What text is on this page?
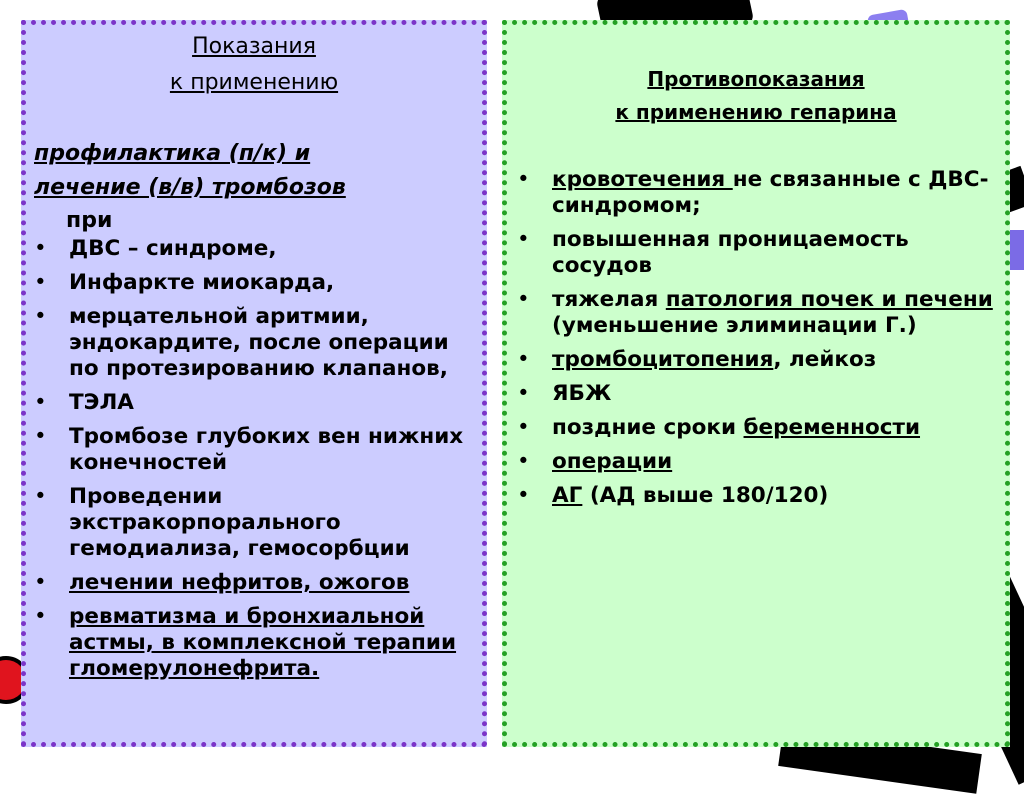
Показания
к применению
профилактика (п/к) и
лечение (в/в) тромбозов
при
• ДВС – синдроме,
• Инфаркте миокарда,
• мерцательной аритмии, эндокардите, после операции по протезированию клапанов,
• ТЭЛА
• Тромбозе глубоких вен нижних конечностей
• Проведении экстракорпорального гемодиализа, гемосорбции
• лечении нефритов, ожогов
• ревматизма и бронхиальной астмы, в комплексной терапии гломерулонефрита.
Противопоказания
к применению гепарина
• кровотечения не связанные с ДВС-синдромом;
• повышенная проницаемость сосудов
• тяжелая патология почек и печени (уменьшение элиминации Г.)
• тромбоцитопения, лейкоз
• ЯБЖ
• поздние сроки беременности
• операции
• АГ (АД выше 180/120)
